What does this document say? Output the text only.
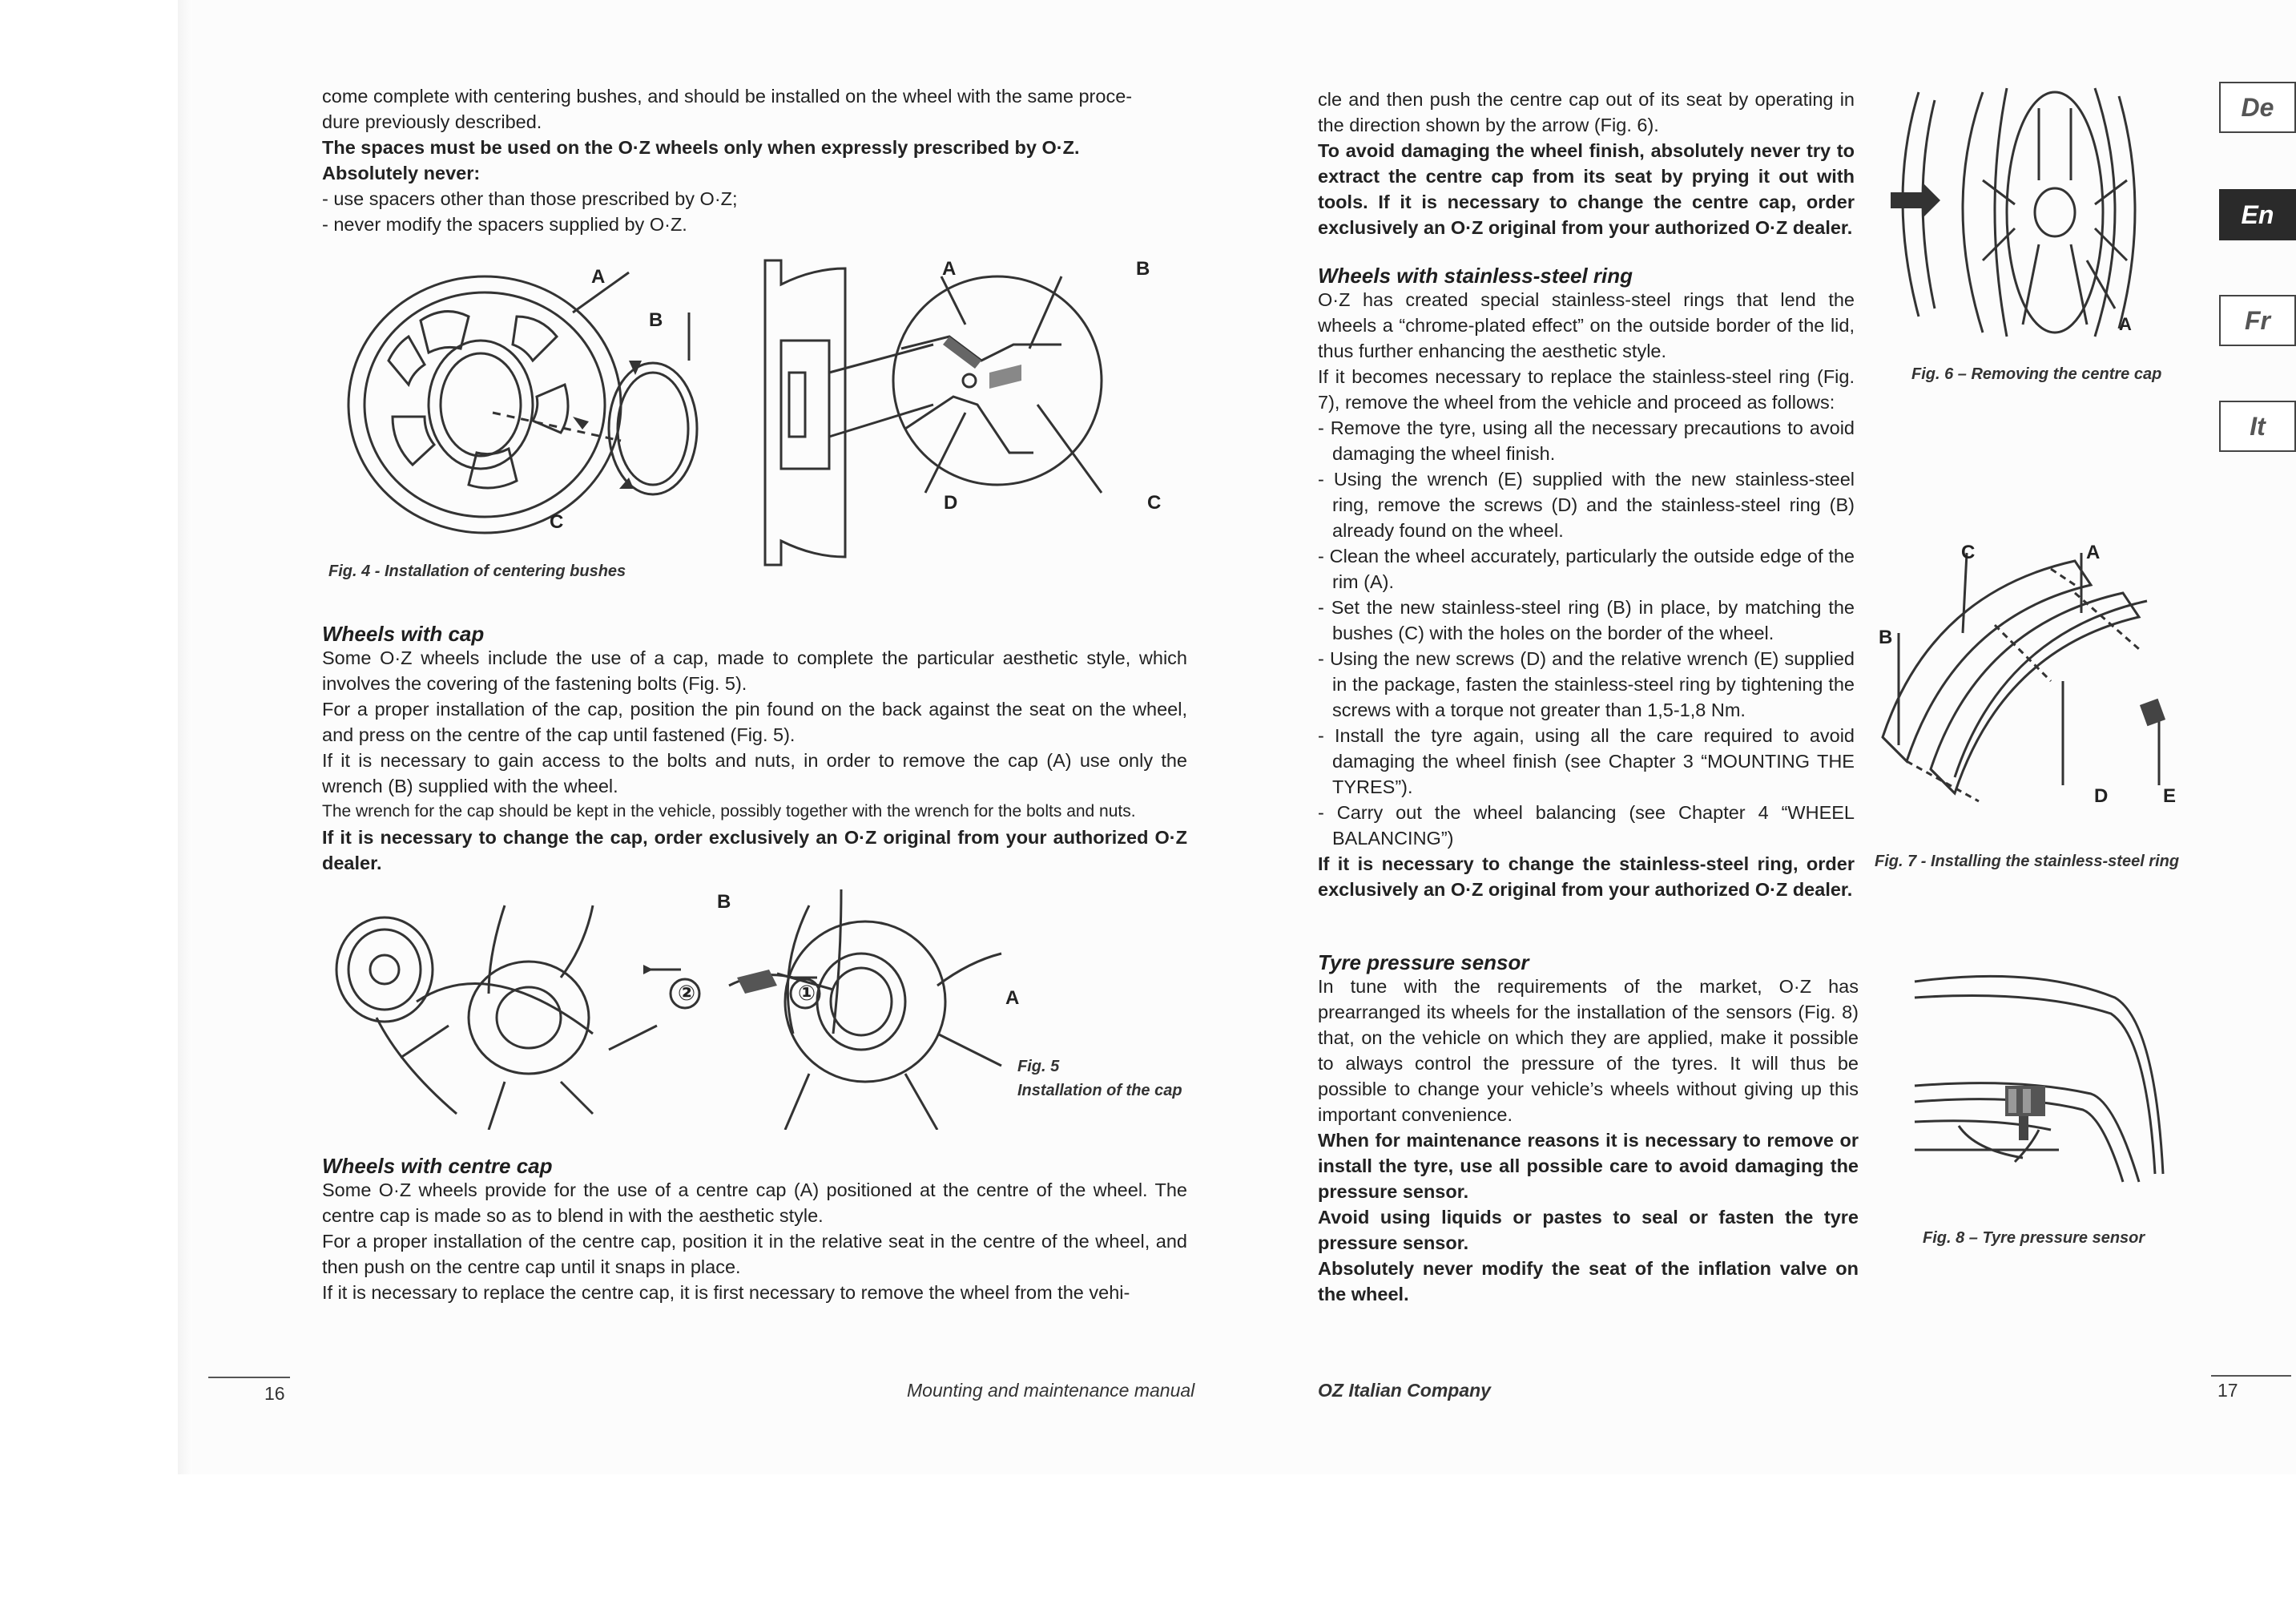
come complete with centering bushes, and should be installed on the wheel with the same proce-

dure previously described.

The spaces must be used on the O·Z wheels only when expressly prescribed by O·Z.

Absolutely never:

- use spacers other than those prescribed by O·Z;

- never modify the spacers supplied by O·Z.

A
B
C
A	B
D	C
Fig. 4 - Installation of centering bushes
Wheels with cap

Some O·Z wheels include the use of a cap, made to complete the particular aesthetic style, which involves the covering of the fastening bolts (Fig. 5).

For a proper installation of the cap, position the pin found on the back against the seat on the wheel, and press on the centre of the cap until fastened (Fig. 5).

If it is necessary to gain access to the bolts and nuts, in order to remove the cap (A) use only the wrench (B) supplied with the wheel.

The wrench for the cap should be kept in the vehicle, possibly together with the wrench for the bolts and nuts.

If it is necessary to change the cap, order exclusively an O·Z original from your authorized O·Z dealer.

B
A
②	①
Fig. 5
Installation of the cap
Wheels with centre cap

Some O·Z wheels provide for the use of a centre cap (A) positioned at the centre of the wheel. The centre cap is made so as to blend in with the aesthetic style.

For a proper installation of the centre cap, position it in the relative seat in the centre of the wheel, and then push on the centre cap until it snaps in place.

If it is necessary to replace the centre cap, it is first necessary to remove the wheel from the vehi-

16	Mounting and maintenance manual

cle and then push the centre cap out of its seat by operating in the direction shown by the arrow (Fig. 6).

To avoid damaging the wheel finish, absolutely never try to extract the centre cap from its seat by prying it out with tools. If it is necessary to change the centre cap, order exclusively an O·Z original from your authorized O·Z dealer.

Wheels with stainless-steel ring

O·Z has created special stainless-steel rings that lend the wheels a “chrome-plated effect” on the outside border of the lid, thus further enhancing the aesthetic style.

If it becomes necessary to replace the stainless-steel ring (Fig. 7), remove the wheel from the vehicle and proceed as follows:

- Remove the tyre, using all the necessary precautions to avoid damaging the wheel finish.

- Using the wrench (E) supplied with the new stainless-steel ring, remove the screws (D) and the stainless-steel ring (B) already found on the wheel.

- Clean the wheel accurately, particularly the outside edge of the rim (A).

- Set the new stainless-steel ring (B) in place, by matching the bushes (C) with the holes on the border of the wheel.

- Using the new screws (D) and the relative wrench (E) supplied in the package, fasten the stainless-steel ring by tightening the screws with a torque not greater than 1,5-1,8 Nm.

- Install the tyre again, using all the care required to avoid damaging the wheel finish (see Chapter 3 “MOUNTING THE TYRES”).

- Carry out the wheel balancing (see Chapter 4 “WHEEL BALANCING”)

If it is necessary to change the stainless-steel ring, order exclusively an O·Z original from your authorized O·Z dealer.

Tyre pressure sensor

In tune with the requirements of the market, O·Z has prearranged its wheels for the installation of the sensors (Fig. 8) that, on the vehicle on which they are applied, make it possible to always control the pressure of the tyres. It will thus be possible to change your vehicle’s wheels without giving up this important convenience.

When for maintenance reasons it is necessary to remove or install the tyre, use all possible care to avoid damaging the pressure sensor.

Avoid using liquids or pastes to seal or fasten the tyre pressure sensor.

Absolutely never modify the seat of the inflation valve on the wheel.

A
Fig. 6 – Removing the centre cap
C	A
B
D	E
Fig. 7 - Installing the stainless-steel ring
Fig. 8 – Tyre pressure sensor
De
En
Fr
It
OZ Italian Company	17
